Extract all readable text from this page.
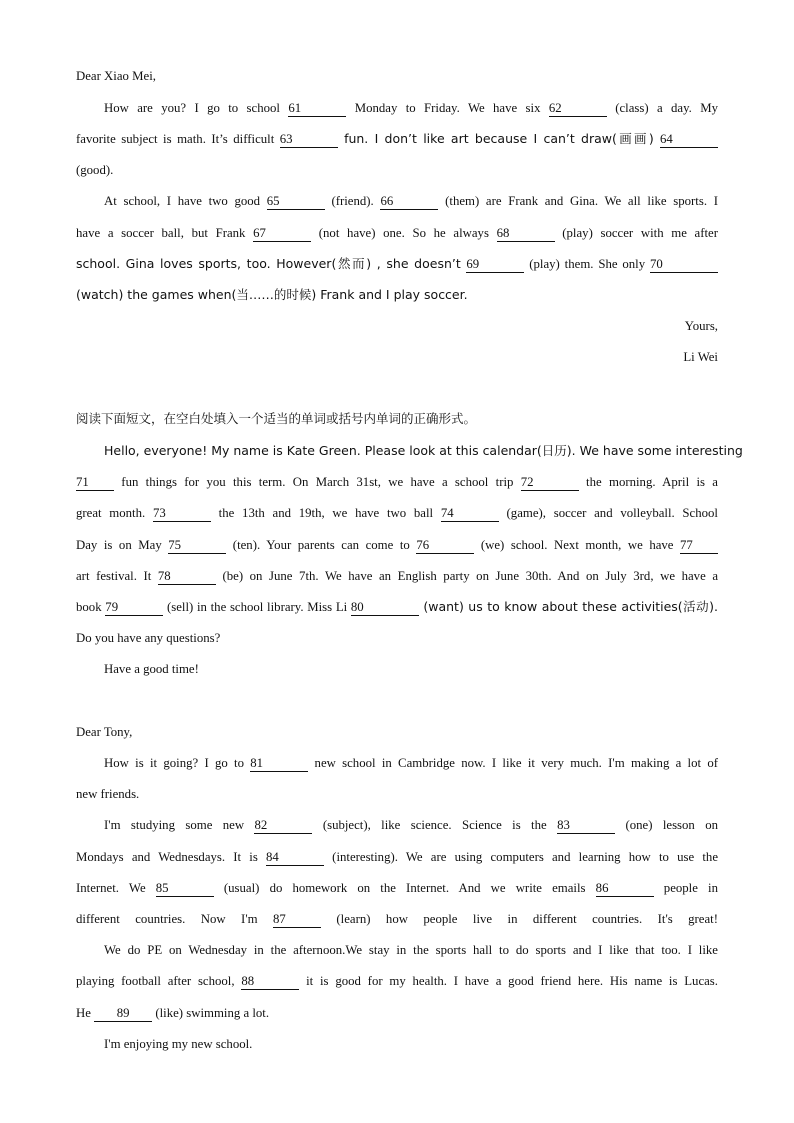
Dear Xiao Mei,
How are you? I go to school 61	Monday to Friday. We have six 62	(class) a day. My
favorite subject is math. It’s difficult 63	fun. I don’t like art because I can’t draw(画画) 64
(good).
At school, I have two good 65	(friend). 66	(them) are Frank and Gina. We all like sports. I
have a soccer ball, but Frank 67	(not have) one. So he always 68	(play) soccer with me after
school. Gina loves sports, too. However(然而) , she doesn’t 69	(play) them. She only 70
(watch) the games when(当……的时候) Frank and I play soccer.
Yours,
Li Wei
阅读下面短文，在空白处填入一个适当的单词或括号内单词的正确形式。
Hello, everyone! My name is Kate Green. Please look at this calendar(日历). We have some interesting
71 fun things for you this term. On March 31st, we have a school trip 72	the morning. April is a
great month. 73	the 13th and 19th, we have two ball 74	(game), soccer and volleyball. School
Day is on May 75	(ten). Your parents can come to 76	(we) school. Next month, we have 77
art festival. It 78	(be) on June 7th. We have an English party on June 30th. And on July 3rd, we have a
book 79	(sell) in the school library. Miss Li 80	(want) us to know about these activities(活动).
Do you have any questions?
Have a good time!
Dear Tony,
How is it going? I go to 81	new school in Cambridge now. I like it very much. I'm making a lot of
new friends.
I'm studying some new 82	(subject), like science. Science is the 83	(one) lesson on
Mondays and Wednesdays. It is 84	(interesting). We are using computers and learning how to use the
Internet. We 85	(usual) do homework on the Internet. And we write emails 86	people in
different countries. Now I'm 87	(learn) how people live in different countries. It's great!
We do PE on Wednesday in the afternoon.We stay in the sports hall to do sports and I like that too. I like
playing football after school, 88	it is good for my health. I have a good friend here. His name is Lucas.
He 89 (like) swimming a lot.
I'm enjoying my new school.
